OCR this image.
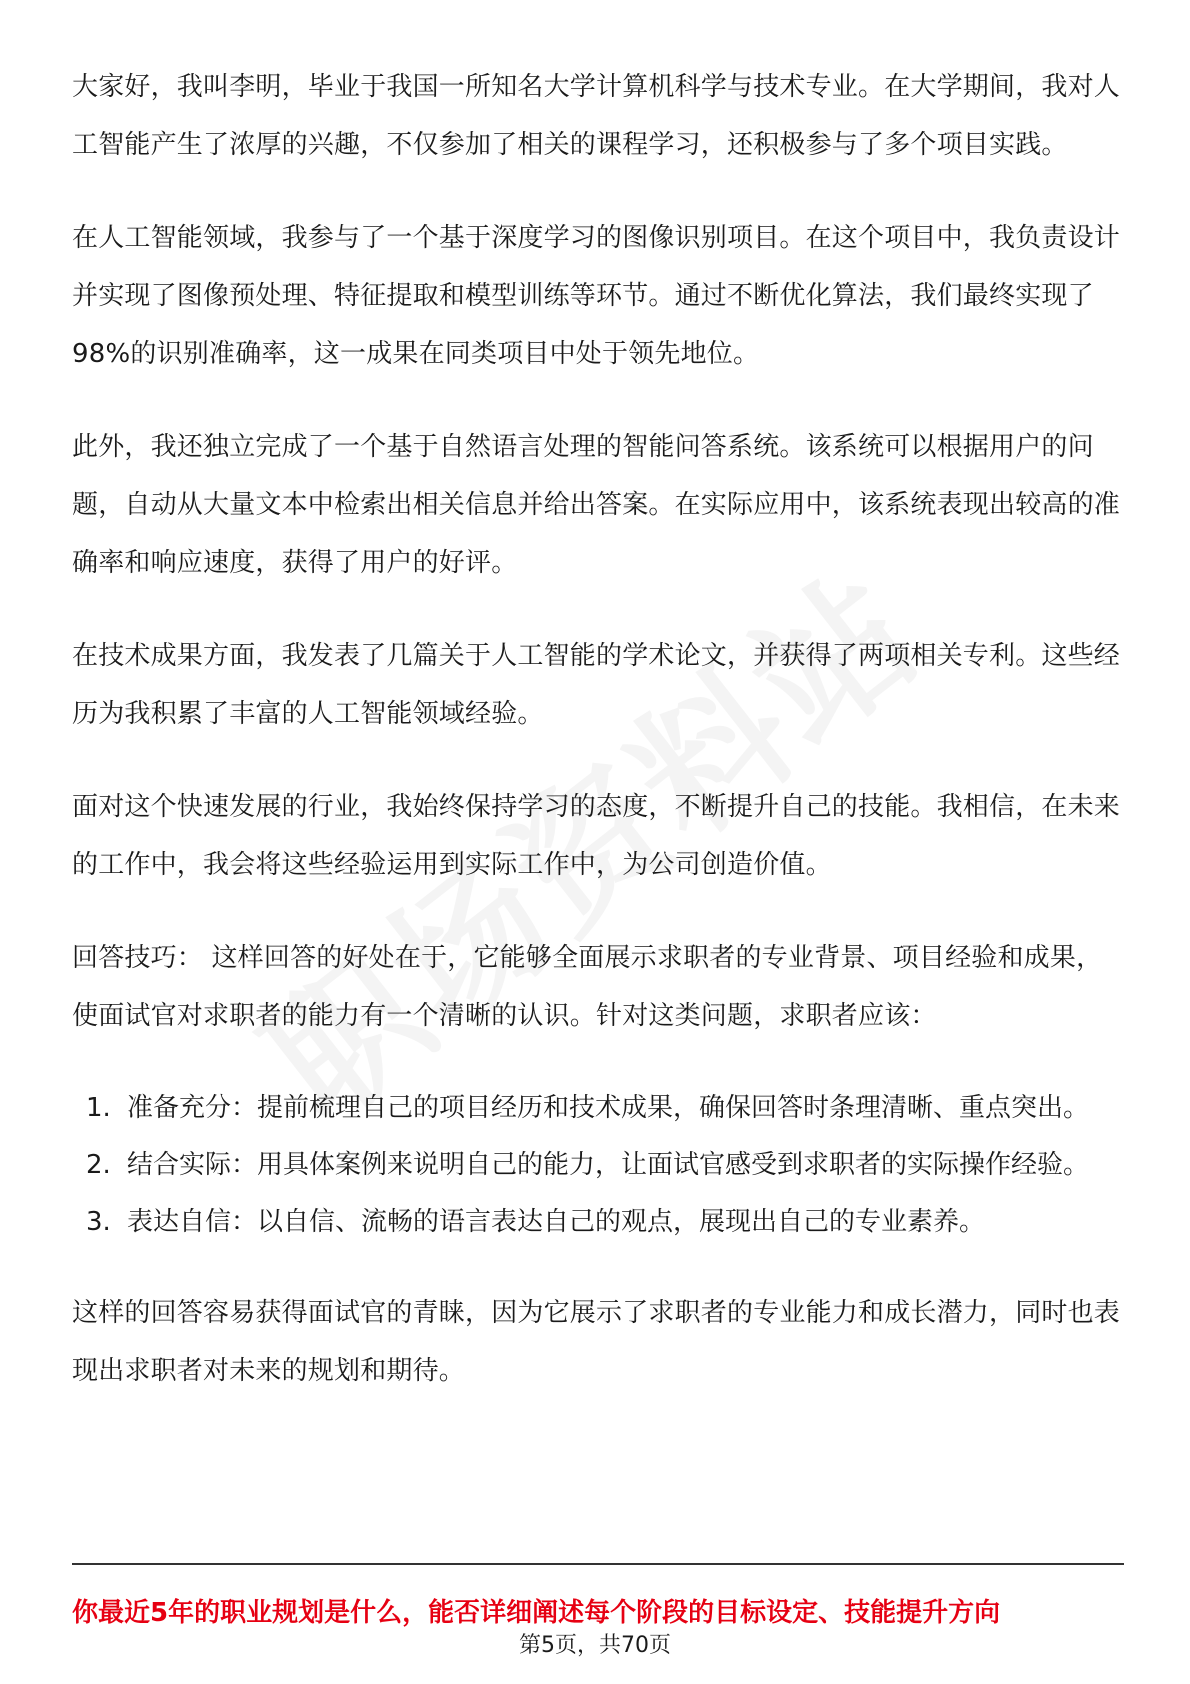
大家好，我叫李明，毕业于我国一所知名大学计算机科学与技术专业。在大学期间，我对人工智能产生了浓厚的兴趣，不仅参加了相关的课程学习，还积极参与了多个项目实践。

在人工智能领域，我参与了一个基于深度学习的图像识别项目。在这个项目中，我负责设计并实现了图像预处理、特征提取和模型训练等环节。通过不断优化算法，我们最终实现了98%的识别准确率，这一成果在同类项目中处于领先地位。

此外，我还独立完成了一个基于自然语言处理的智能问答系统。该系统可以根据用户的问题，自动从大量文本中检索出相关信息并给出答案。在实际应用中，该系统表现出较高的准确率和响应速度，获得了用户的好评。

在技术成果方面，我发表了几篇关于人工智能的学术论文，并获得了两项相关专利。这些经历为我积累了丰富的人工智能领域经验。

面对这个快速发展的行业，我始终保持学习的态度，不断提升自己的技能。我相信，在未来的工作中，我会将这些经验运用到实际工作中，为公司创造价值。

回答技巧： 这样回答的好处在于，它能够全面展示求职者的专业背景、项目经验和成果，使面试官对求职者的能力有一个清晰的认识。针对这类问题，求职者应该：

1. 准备充分：提前梳理自己的项目经历和技术成果，确保回答时条理清晰、重点突出。
2. 结合实际：用具体案例来说明自己的能力，让面试官感受到求职者的实际操作经验。
3. 表达自信：以自信、流畅的语言表达自己的观点，展现出自己的专业素养。

这样的回答容易获得面试官的青睐，因为它展示了求职者的专业能力和成长潜力，同时也表现出求职者对未来的规划和期待。

你最近5年的职业规划是什么，能否详细阐述每个阶段的目标设定、技能提升方向
第5页，共70页
